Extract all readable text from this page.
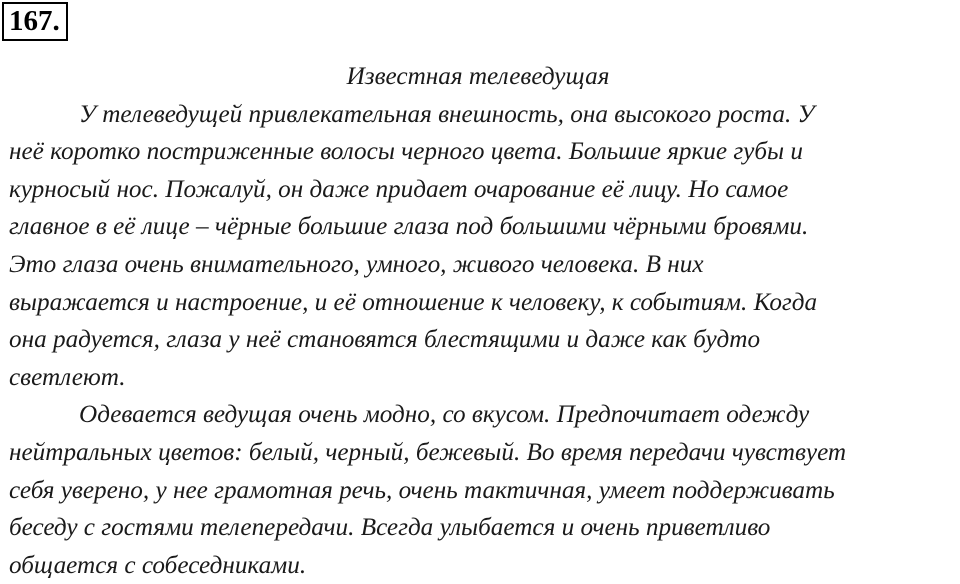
167.
Известная телеведущая
У телеведущей привлекательная внешность, она высокого роста. У
неё коротко постриженные волосы черного цвета. Большие яркие губы и
курносый нос. Пожалуй, он даже придает очарование её лицу. Но самое
главное в её лице – чёрные большие глаза под большими чёрными бровями.
Это глаза очень внимательного, умного, живого человека. В них
выражается и настроение, и её отношение к человеку, к событиям. Когда
она радуется, глаза у неё становятся блестящими и даже как будто
светлеют.
Одевается ведущая очень модно, со вкусом. Предпочитает одежду
нейтральных цветов: белый, черный, бежевый. Во время передачи чувствует
себя уверено, у нее грамотная речь, очень тактичная, умеет поддерживать
беседу с гостями телепередачи. Всегда улыбается и очень приветливо
общается с собеседниками.
